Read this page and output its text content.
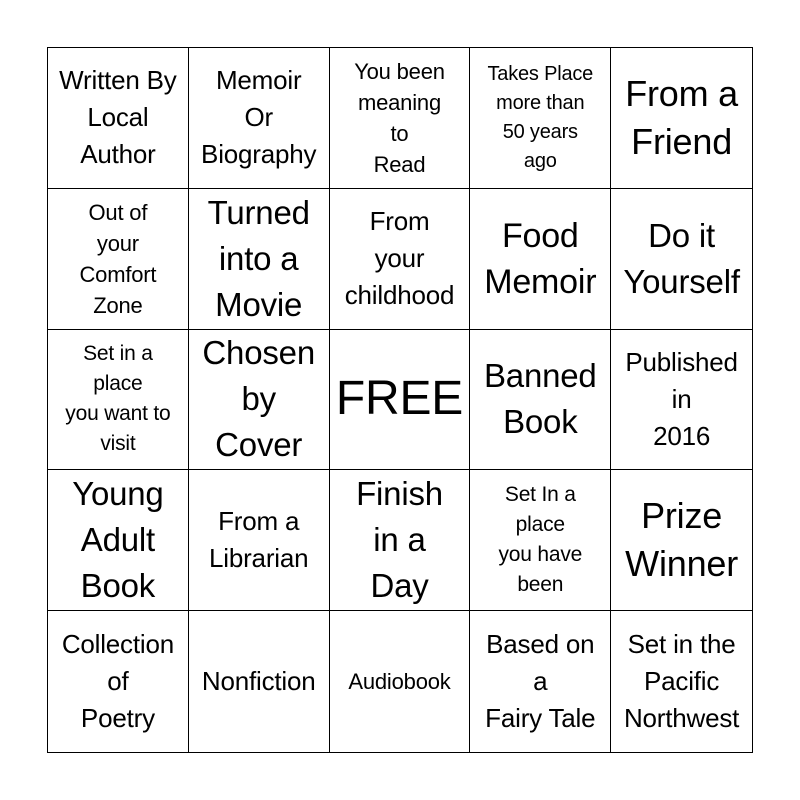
Written By
Local
Author
Memoir
Or
Biography
You been
meaning
to
Read
Takes Place
more than
50 years
ago
From a
Friend
Out of
your
Comfort
Zone
Turned
into a
Movie
From
your
childhood
Food
Memoir
Do it
Yourself
Set in a
place
you want to
visit
Chosen
by
Cover
FREE Banned
Book
Published
in
2016
Young
Adult
Book
From a
Librarian
Finish
in a
Day
Set In a
place
you have
been
Prize
Winner
Collection
of
Poetry
Nonfiction Audiobook
Based on
a
Fairy Tale
Set in the
Pacific
Northwest
